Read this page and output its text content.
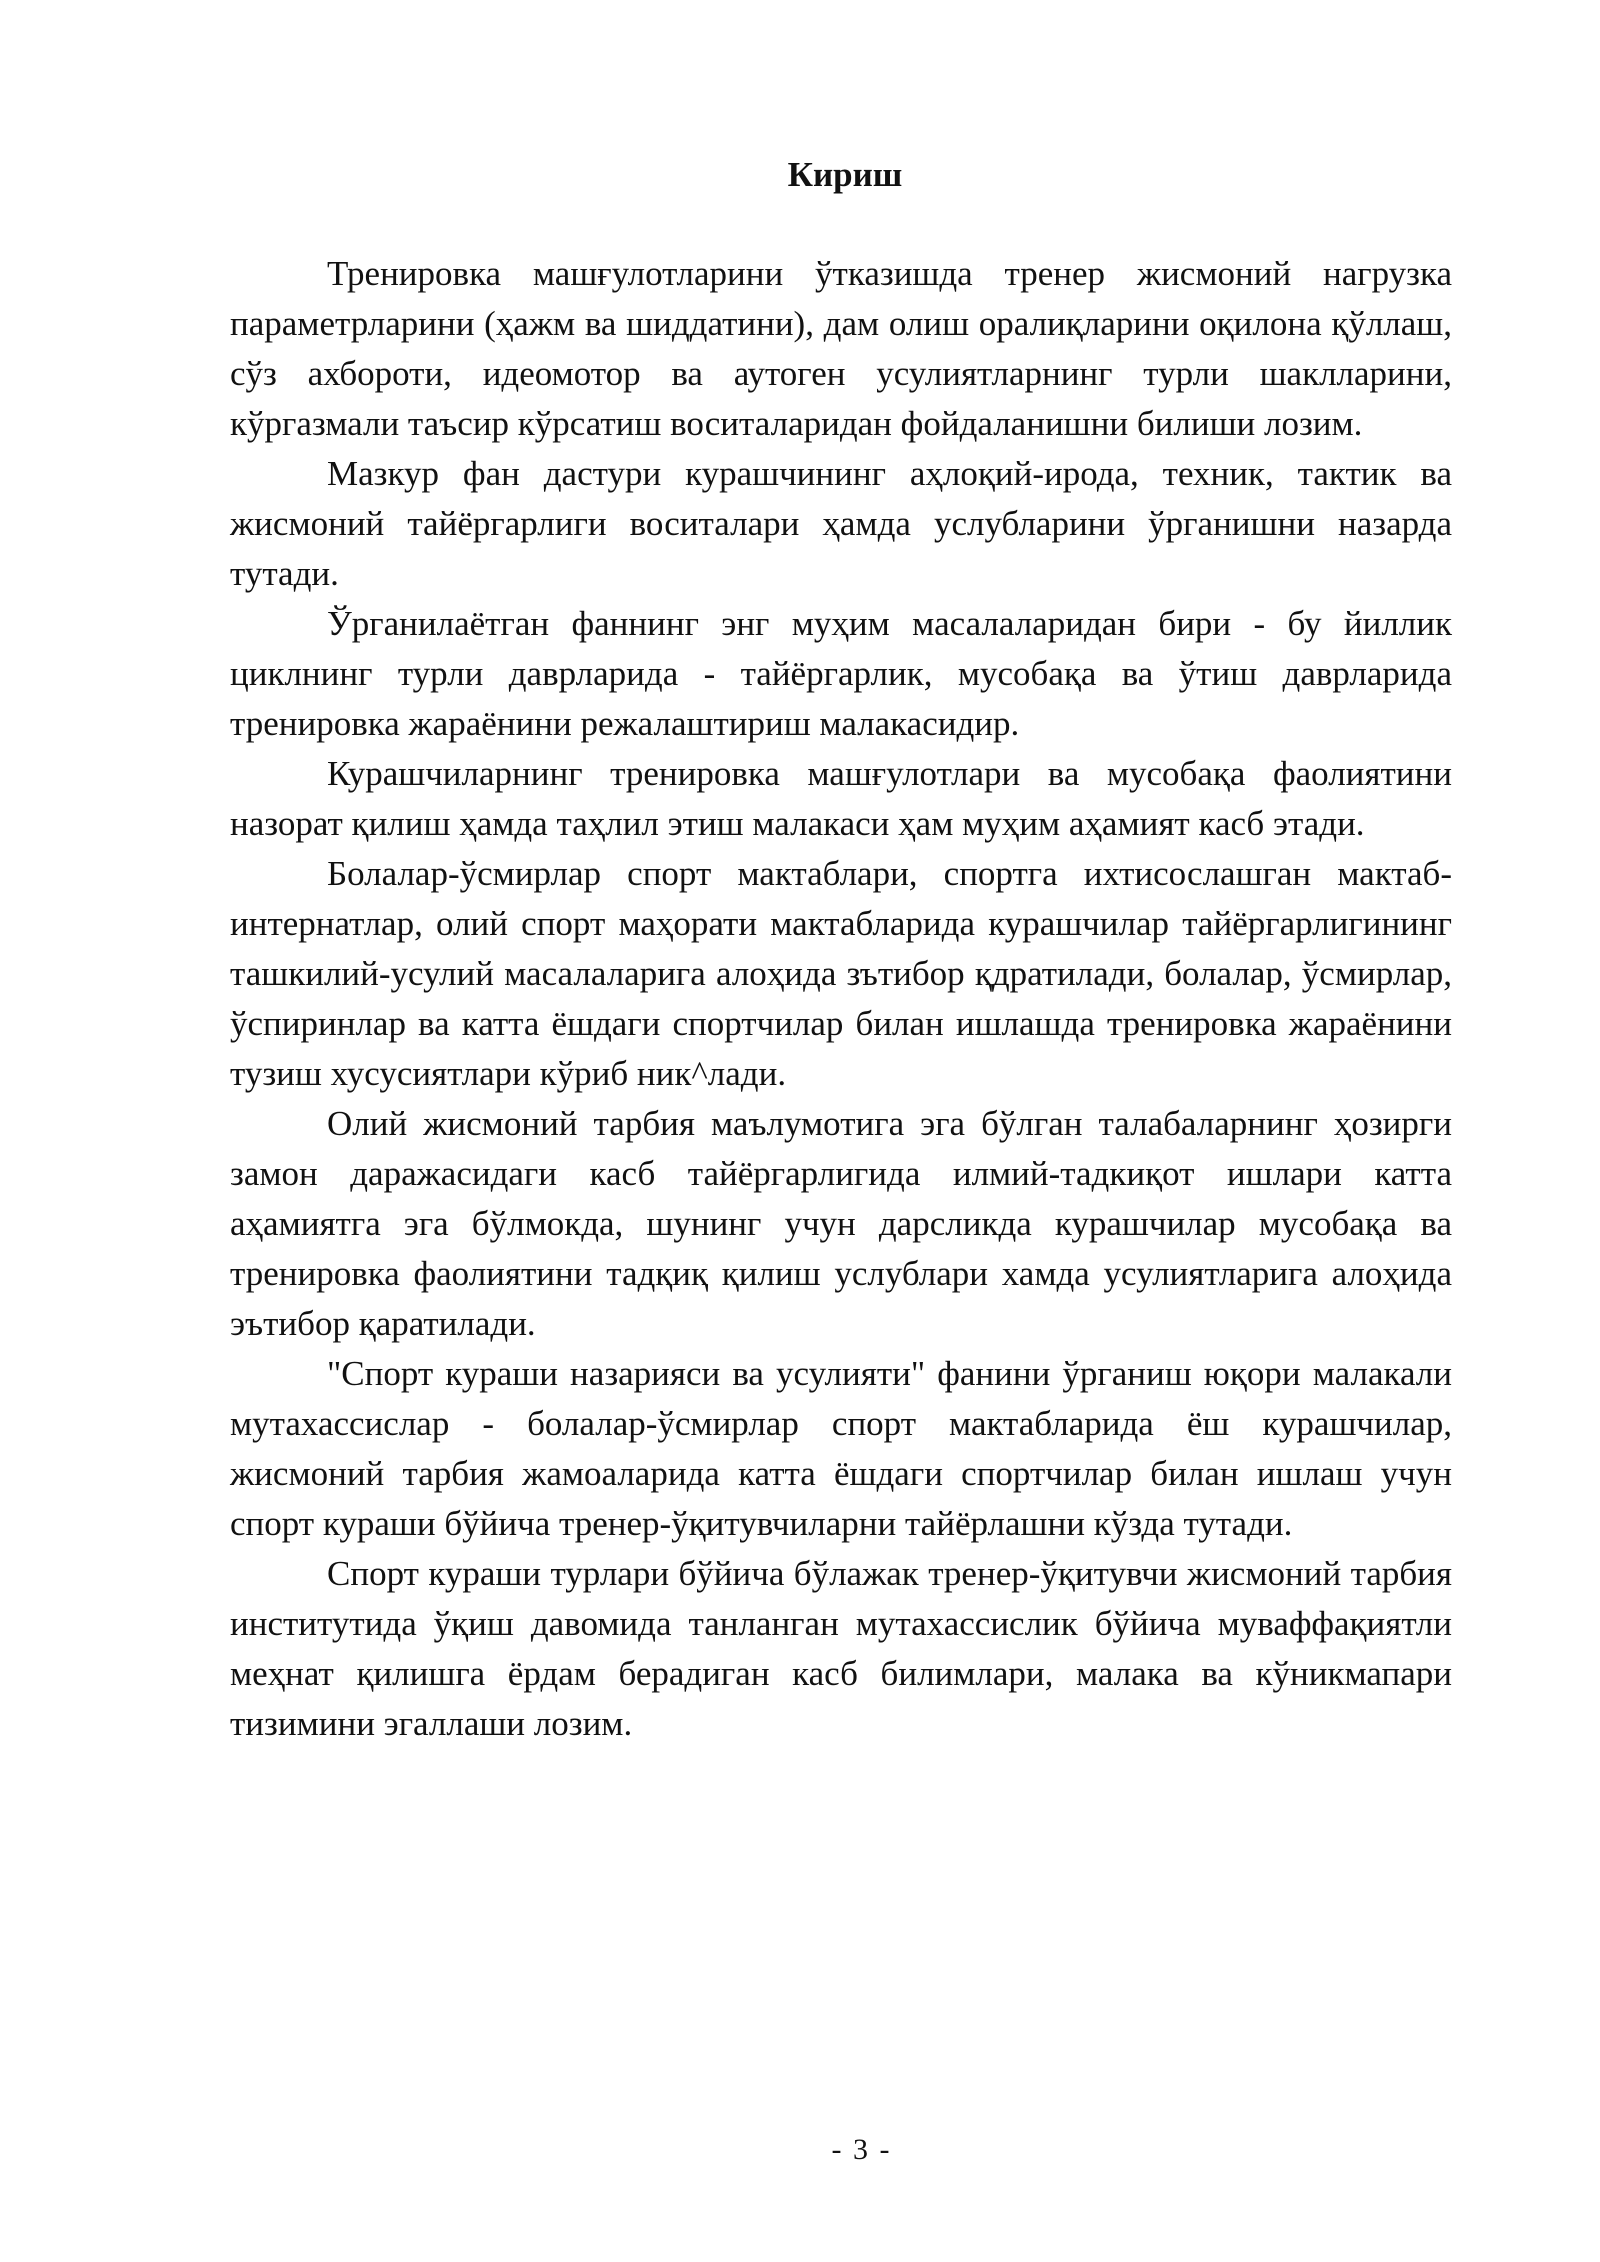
Кириш

Тренировка машғулотларини ўтказишда тренер жисмоний нагрузка параметрларини (ҳажм ва шиддатини), дам олиш оралиқларини оқилона қўллаш, сўз ахбороти, идеомотор ва аутоген усулиятларнинг турли шаклларини, кўргазмали таъсир кўрсатиш воситаларидан фойдаланишни билиши лозим.

Мазкур фан дастури курашчининг аҳлоқий-ирода, техник, тактик ва жисмоний тайёргарлиги воситалари ҳамда услубларини ўрганишни назарда тутади.

Ўрганилаётган фаннинг энг муҳим масалаларидан бири - бу йиллик циклнинг турли даврларида - тайёргарлик, мусобақа ва ўтиш даврларида тренировка жараёнини режалаштириш малакасидир.

Курашчиларнинг тренировка машғулотлари ва мусобақа фаолиятини назорат қилиш ҳамда таҳлил этиш малакаси ҳам муҳим аҳамият касб этади.

Болалар-ўсмирлар спорт мактаблари, спортга ихтисослашган мактаб-интернатлар, олий спорт маҳорати мактабларида курашчилар тайёргарлигининг ташкилий-усулий масалаларига алоҳида зътибор қдратилади, болалар, ўсмирлар, ўспиринлар ва катта ёшдаги спортчилар билан ишлашда тренировка жараёнини тузиш хусусиятлари кўриб ник^лади.

Олий жисмоний тарбия маълумотига эга бўлган талабаларнинг ҳозирги замон даражасидаги касб тайёргарлигида илмий-тадкиқот ишлари катта аҳамиятга эга бўлмокда, шунинг учун дарсликда курашчилар мусобақа ва тренировка фаолиятини тадқиқ қилиш услублари хамда усулиятларига алоҳида эътибор қаратилади.

"Спорт кураши назарияси ва усулияти" фанини ўрганиш юқори малакали мутахассислар - болалар-ўсмирлар спорт мактабларида ёш курашчилар, жисмоний тарбия жамоаларида катта ёшдаги спортчилар билан ишлаш учун спорт кураши бўйича тренер-ўқитувчиларни тайёрлашни кўзда тутади.

Спорт кураши турлари бўйича бўлажак тренер-ўқитувчи жисмоний тарбия институтида ўқиш давомида танланган мутахассислик бўйича муваффақиятли меҳнат қилишга ёрдам берадиган касб билимлари, малака ва кўникмапари тизимини эгаллаши лозим.

- 3 -
